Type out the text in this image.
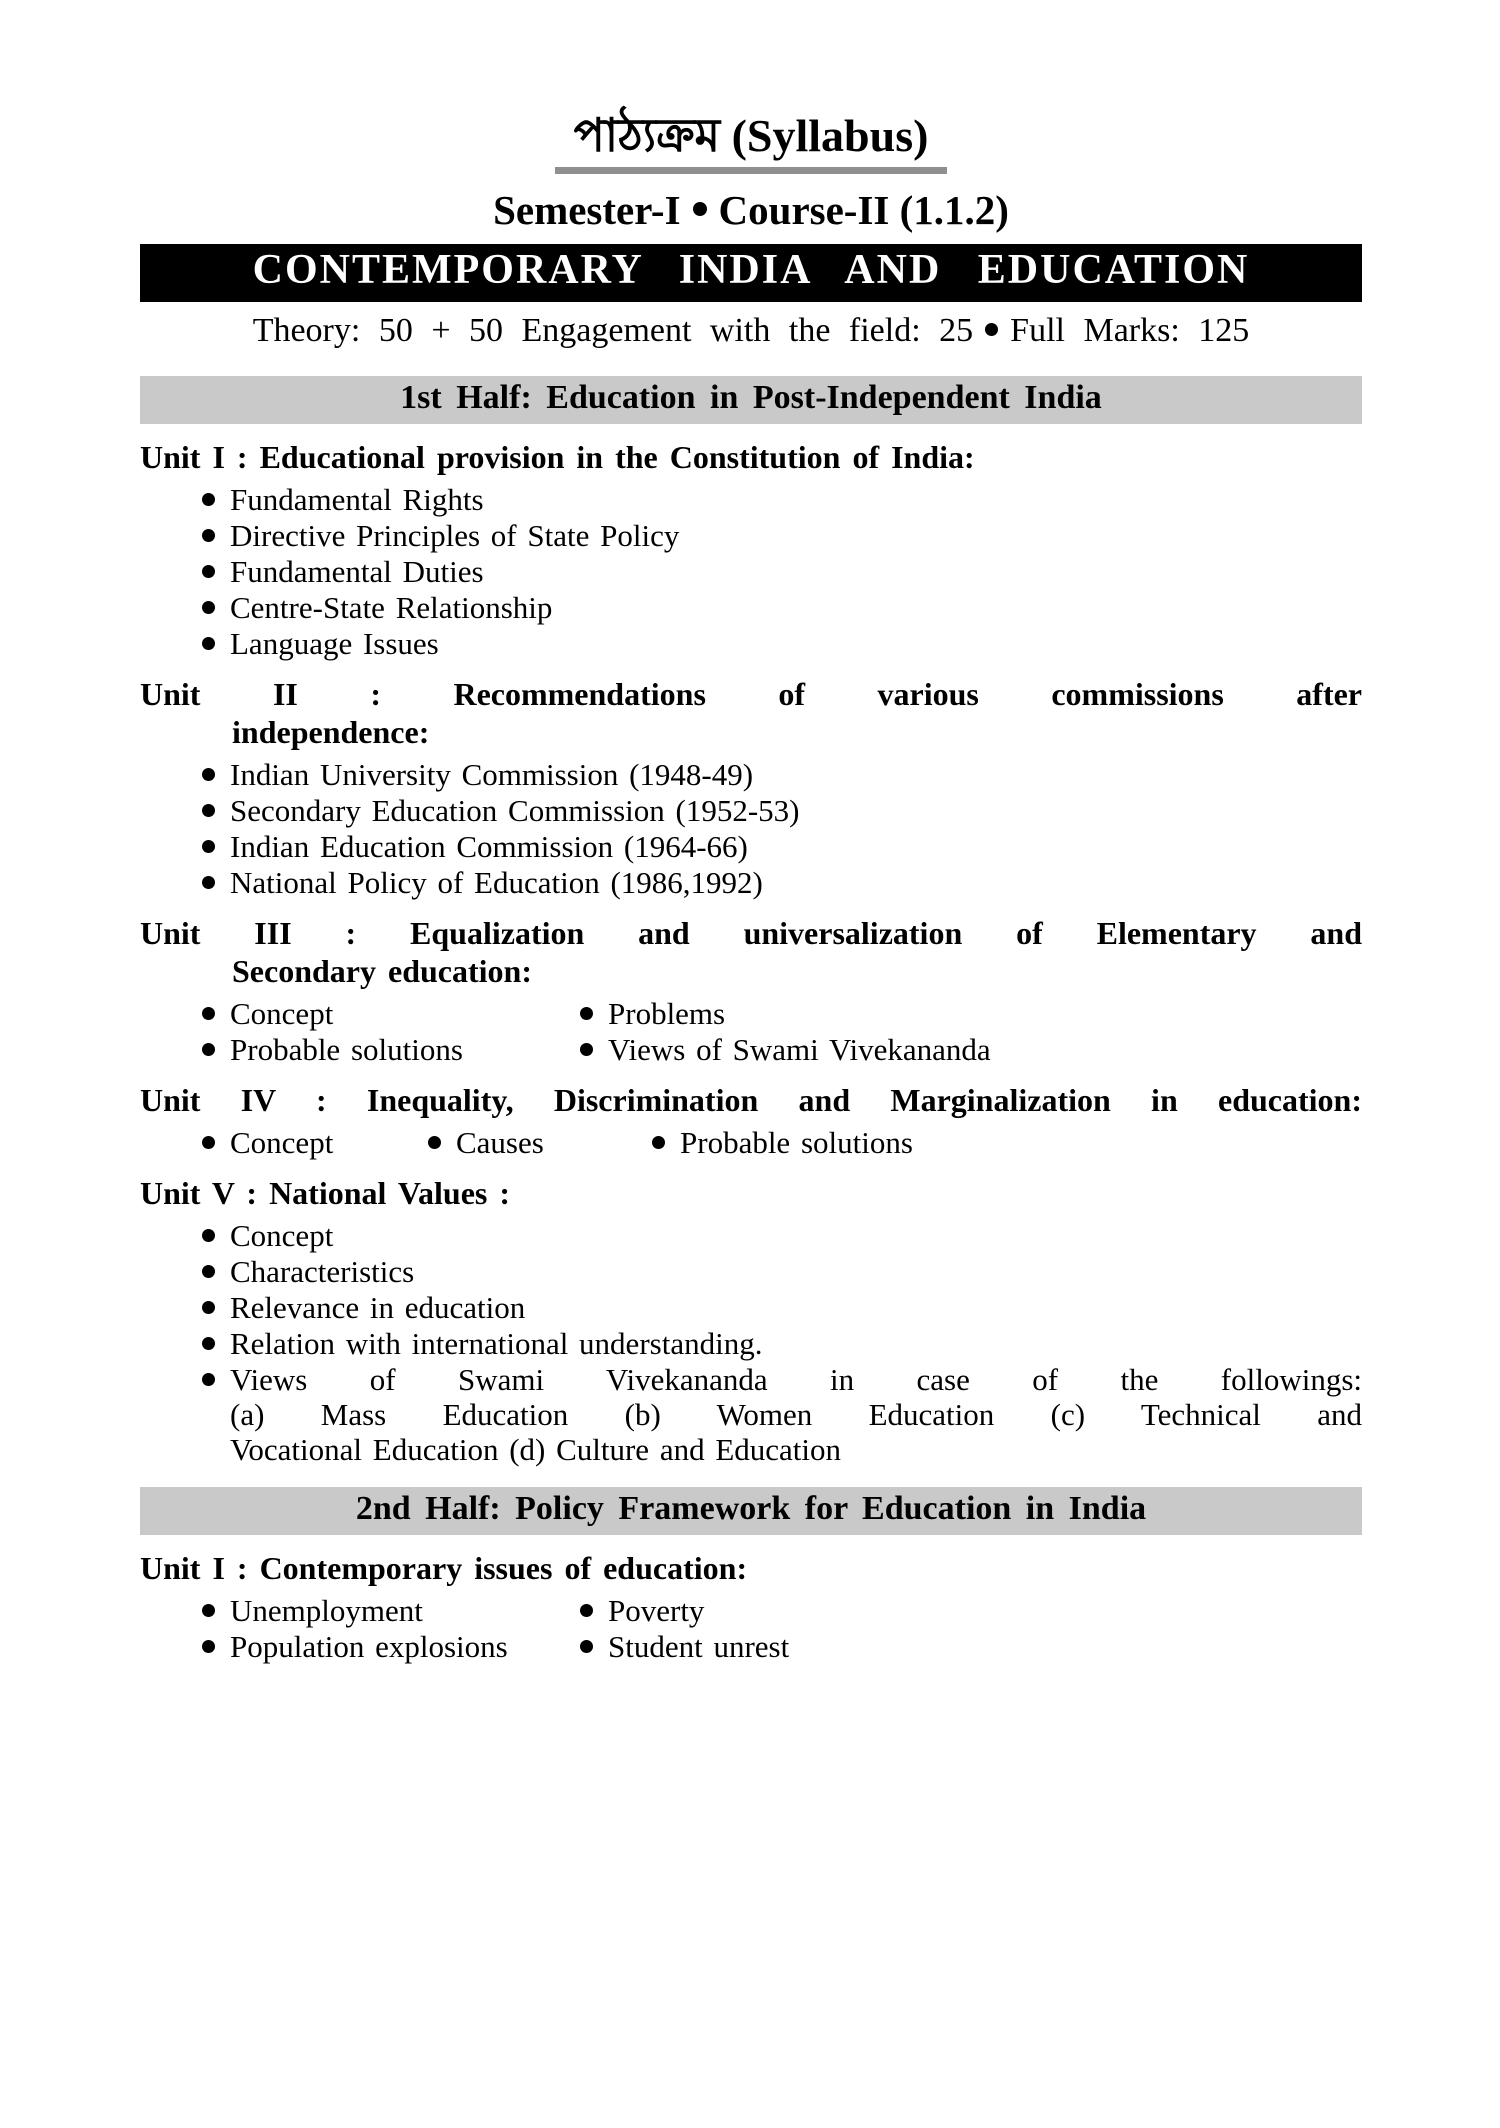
পাঠ্যক্রম (Syllabus)
Semester-I Course-II (1.1.2)
CONTEMPORARY INDIA AND EDUCATION
Theory: 50 + 50 Engagement with the field: 25 Full Marks: 125
1st Half: Education in Post-Independent India
Unit I : Educational provision in the Constitution of India:
Fundamental Rights
Directive Principles of State Policy
Fundamental Duties
Centre-State Relationship
Language Issues
Unit II : Recommendations of various commissions after
independence:
Indian University Commission (1948-49)
Secondary Education Commission (1952-53)
Indian Education Commission (1964-66)
National Policy of Education (1986,1992)
Unit III : Equalization and universalization of Elementary and
Secondary education:
Concept	Problems
Probable solutions	Views of Swami Vivekananda
Unit IV : Inequality, Discrimination and Marginalization in education:
Concept	Causes	Probable solutions
Unit V : National Values :
Concept
Characteristics
Relevance in education
Relation with international understanding.
Views of Swami Vivekananda in case of the followings:
(a) Mass Education (b) Women Education (c) Technical and
Vocational Education (d) Culture and Education
2nd Half: Policy Framework for Education in India
Unit I : Contemporary issues of education:
Unemployment	Poverty
Population explosions	Student unrest
